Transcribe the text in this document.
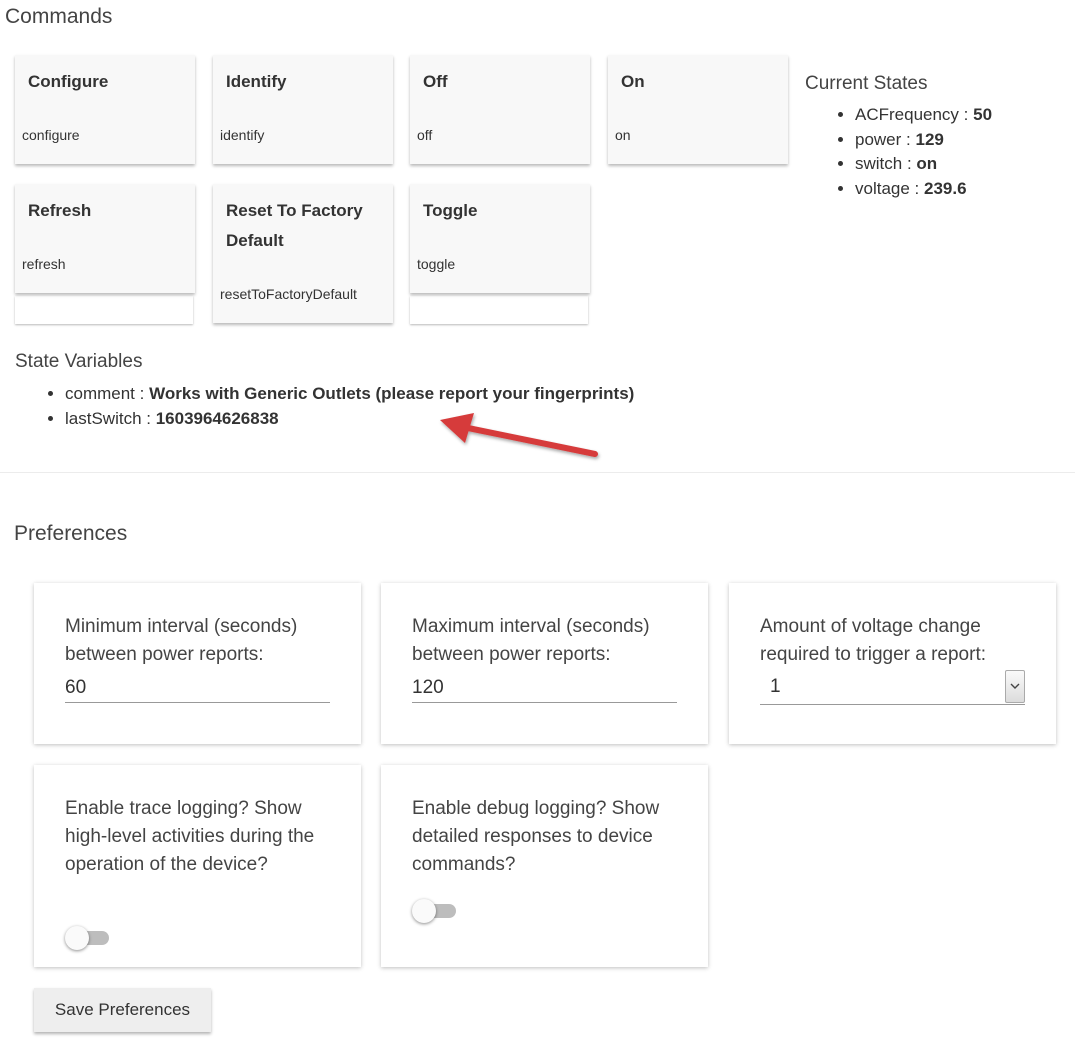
Commands
Configure
configure
Identify
identify
Off
off
On
on
Refresh
refresh
Reset To Factory Default
resetToFactoryDefault
Toggle
toggle
Current States
• ACFrequency : 50
• power : 129
• switch : on
• voltage : 239.6
State Variables
• comment : Works with Generic Outlets (please report your fingerprints)
• lastSwitch : 1603964626838
Preferences
Minimum interval (seconds) between power reports:
60
Maximum interval (seconds) between power reports:
120
Amount of voltage change required to trigger a report:
1
Enable trace logging? Show high-level activities during the operation of the device?
Enable debug logging? Show detailed responses to device commands?
Save Preferences
